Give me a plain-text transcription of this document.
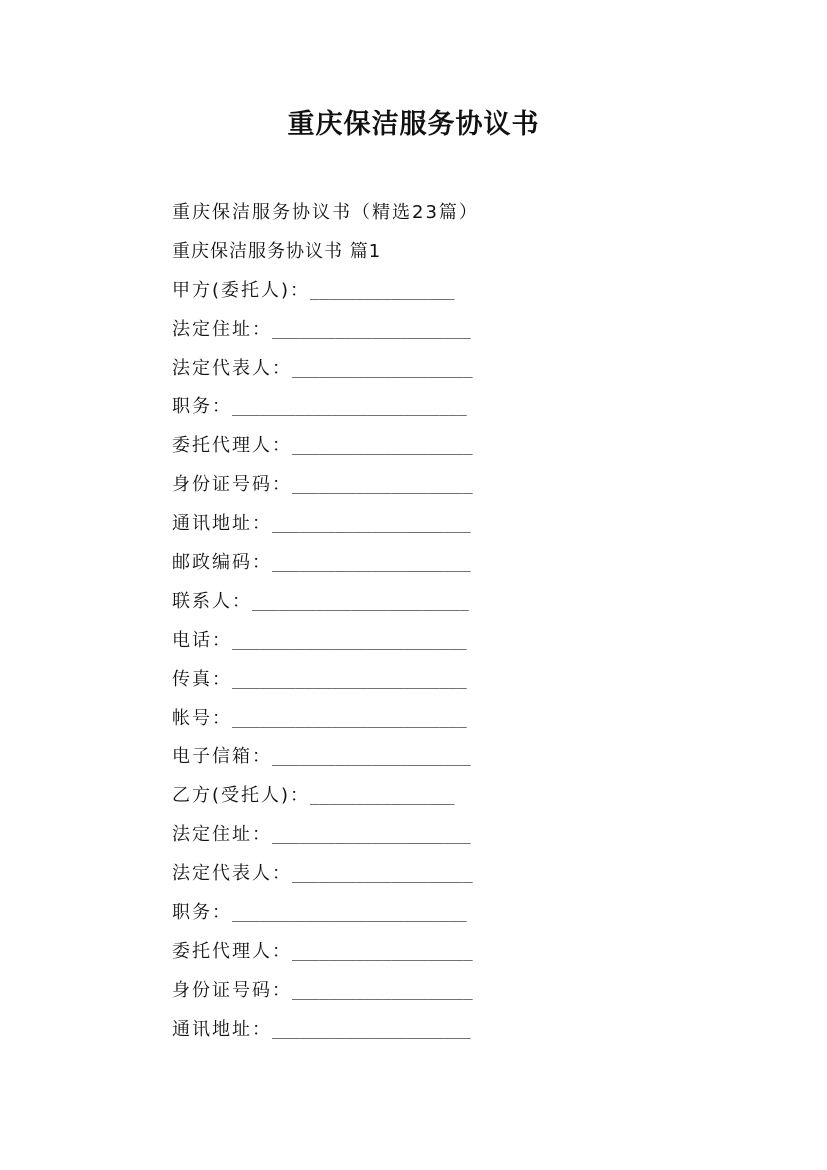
重庆保洁服务协议书
重庆保洁服务协议书（精选23篇）
重庆保洁服务协议书 篇1
甲方(委托人)：________________
法定住址：______________________
法定代表人：____________________
职务：__________________________
委托代理人：____________________
身份证号码：____________________
通讯地址：______________________
邮政编码：______________________
联系人：________________________
电话：__________________________
传真：__________________________
帐号：__________________________
电子信箱：______________________
乙方(受托人)：________________
法定住址：______________________
法定代表人：____________________
职务：__________________________
委托代理人：____________________
身份证号码：____________________
通讯地址：______________________
